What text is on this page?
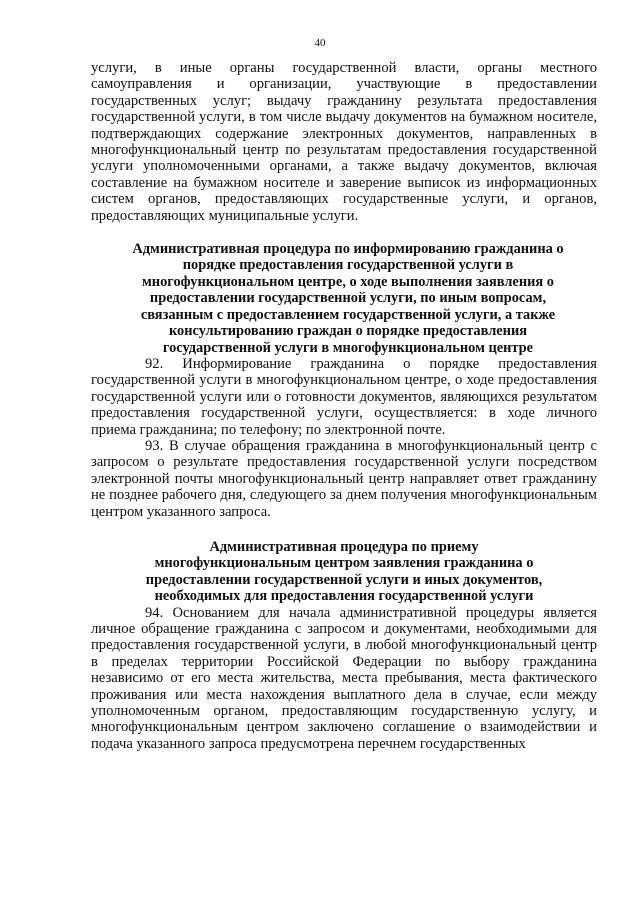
40

услуги, в иные органы государственной власти, органы местного самоуправления и организации, участвующие в предоставлении государственных услуг; выдачу гражданину результата предоставления государственной услуги, в том числе выдачу документов на бумажном носителе, подтверждающих содержание электронных документов, направленных в многофункциональный центр по результатам предоставления государственной услуги уполномоченными органами, а также выдачу документов, включая составление на бумажном носителе и заверение выписок из информационных систем органов, предоставляющих государственные услуги, и органов, предоставляющих муниципальные услуги.

Административная процедура по информированию гражданина о порядке предоставления государственной услуги в многофункциональном центре, о ходе выполнения заявления о предоставлении государственной услуги, по иным вопросам, связанным с предоставлением государственной услуги, а также консультированию граждан о порядке предоставления государственной услуги в многофункциональном центре

92. Информирование гражданина о порядке предоставления государственной услуги в многофункциональном центре, о ходе предоставления государственной услуги или о готовности документов, являющихся результатом предоставления государственной услуги, осуществляется: в ходе личного приема гражданина; по телефону; по электронной почте.

93. В случае обращения гражданина в многофункциональный центр с запросом о результате предоставления государственной услуги посредством электронной почты многофункциональный центр направляет ответ гражданину не позднее рабочего дня, следующего за днем получения многофункциональным центром указанного запроса.

Административная процедура по приему многофункциональным центром заявления гражданина о предоставлении государственной услуги и иных документов, необходимых для предоставления государственной услуги

94. Основанием для начала административной процедуры является личное обращение гражданина с запросом и документами, необходимыми для предоставления государственной услуги, в любой многофункциональный центр в пределах территории Российской Федерации по выбору гражданина независимо от его места жительства, места пребывания, места фактического проживания или места нахождения выплатного дела в случае, если между уполномоченным органом, предоставляющим государственную услугу, и многофункциональным центром заключено соглашение о взаимодействии и подача указанного запроса предусмотрена перечнем государственных
